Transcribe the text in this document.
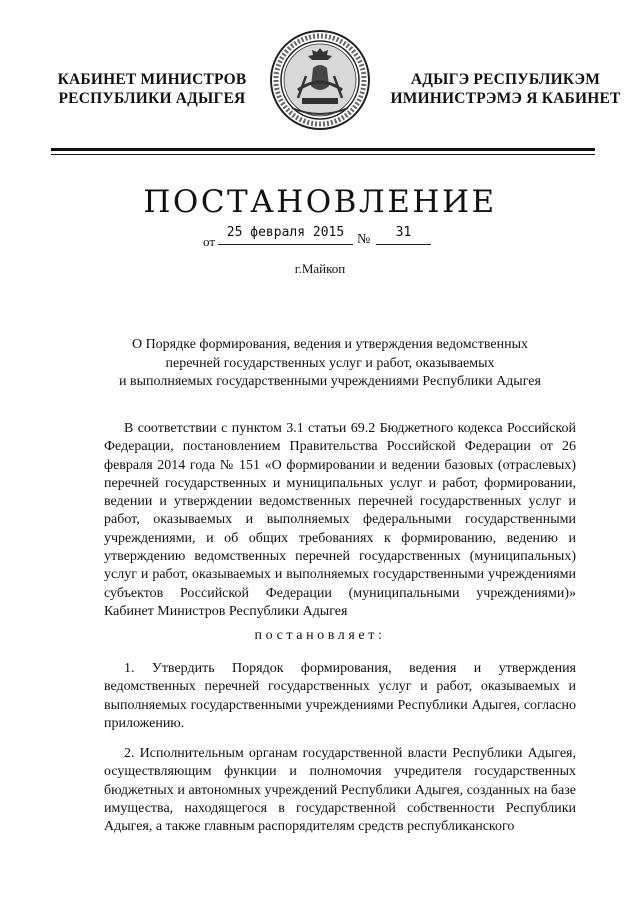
КАБИНЕТ МИНИСТРОВ
РЕСПУБЛИКИ АДЫГЕЯ
АДЫГЭ РЕСПУБЛИКЭМ
ИМИНИСТРЭМЭ Я КАБИНЕТ
ПОСТАНОВЛЕНИЕ
от
25 февраля 2015 №	31
г.Майкоп
О Порядке формирования, ведения и утверждения ведомственных
перечней государственных услуг и работ, оказываемых
и выполняемых государственными учреждениями Республики Адыгея

В соответствии с пунктом 3.1 статьи 69.2 Бюджетного кодекса Российской Федерации, постановлением Правительства Российской Федерации от 26 февраля 2014 года № 151 «О формировании и ведении базовых (отраслевых) перечней государственных и муниципальных услуг и работ, формировании, ведении и утверждении ведомственных перечней государственных услуг и работ, оказываемых и выполняемых федеральными государственными учреждениями, и об общих требованиях к формированию, ведению и утверждению ведомственных перечней государственных (муниципальных) услуг и работ, оказываемых и выполняемых государственными учреждениями субъектов Российской Федерации (муниципальными учреждениями)» Кабинет Министров Республики Адыгея

постановляет:

1. Утвердить Порядок формирования, ведения и утверждения ведомственных перечней государственных услуг и работ, оказываемых и выполняемых государственными учреждениями Республики Адыгея, согласно приложению.

2. Исполнительным органам государственной власти Республики Адыгея, осуществляющим функции и полномочия учредителя государственных бюджетных и автономных учреждений Республики Адыгея, созданных на базе имущества, находящегося в государственной собственности Республики Адыгея, а также главным распорядителям средств республиканского
